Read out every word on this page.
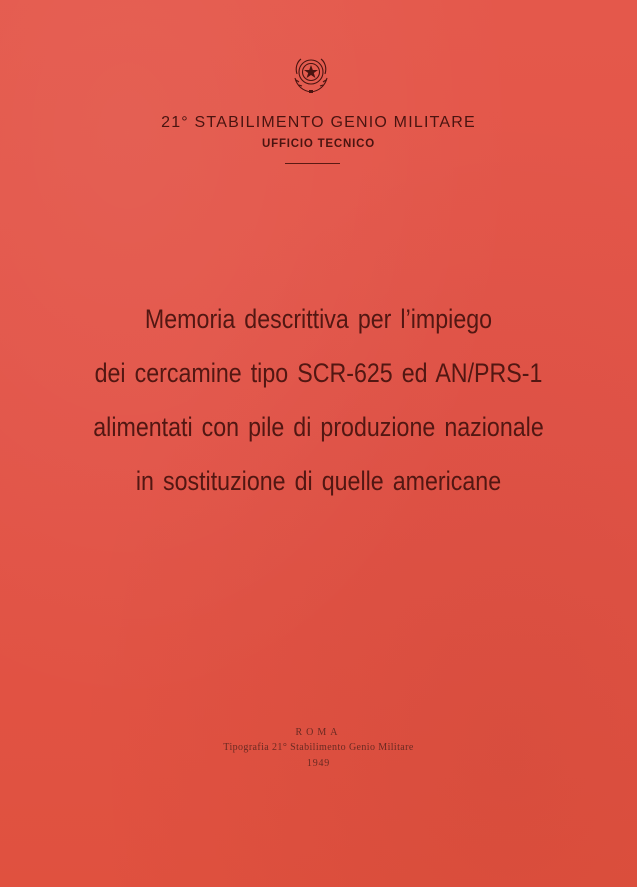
21° STABILIMENTO GENIO MILITARE
UFFICIO TECNICO
Memoria descrittiva per l’impiego
dei cercamine tipo SCR-625 ed AN/PRS-1
alimentati con pile di produzione nazionale
in sostituzione di quelle americane
ROMA
Tipografia 21° Stabilimento Genio Militare
1949
